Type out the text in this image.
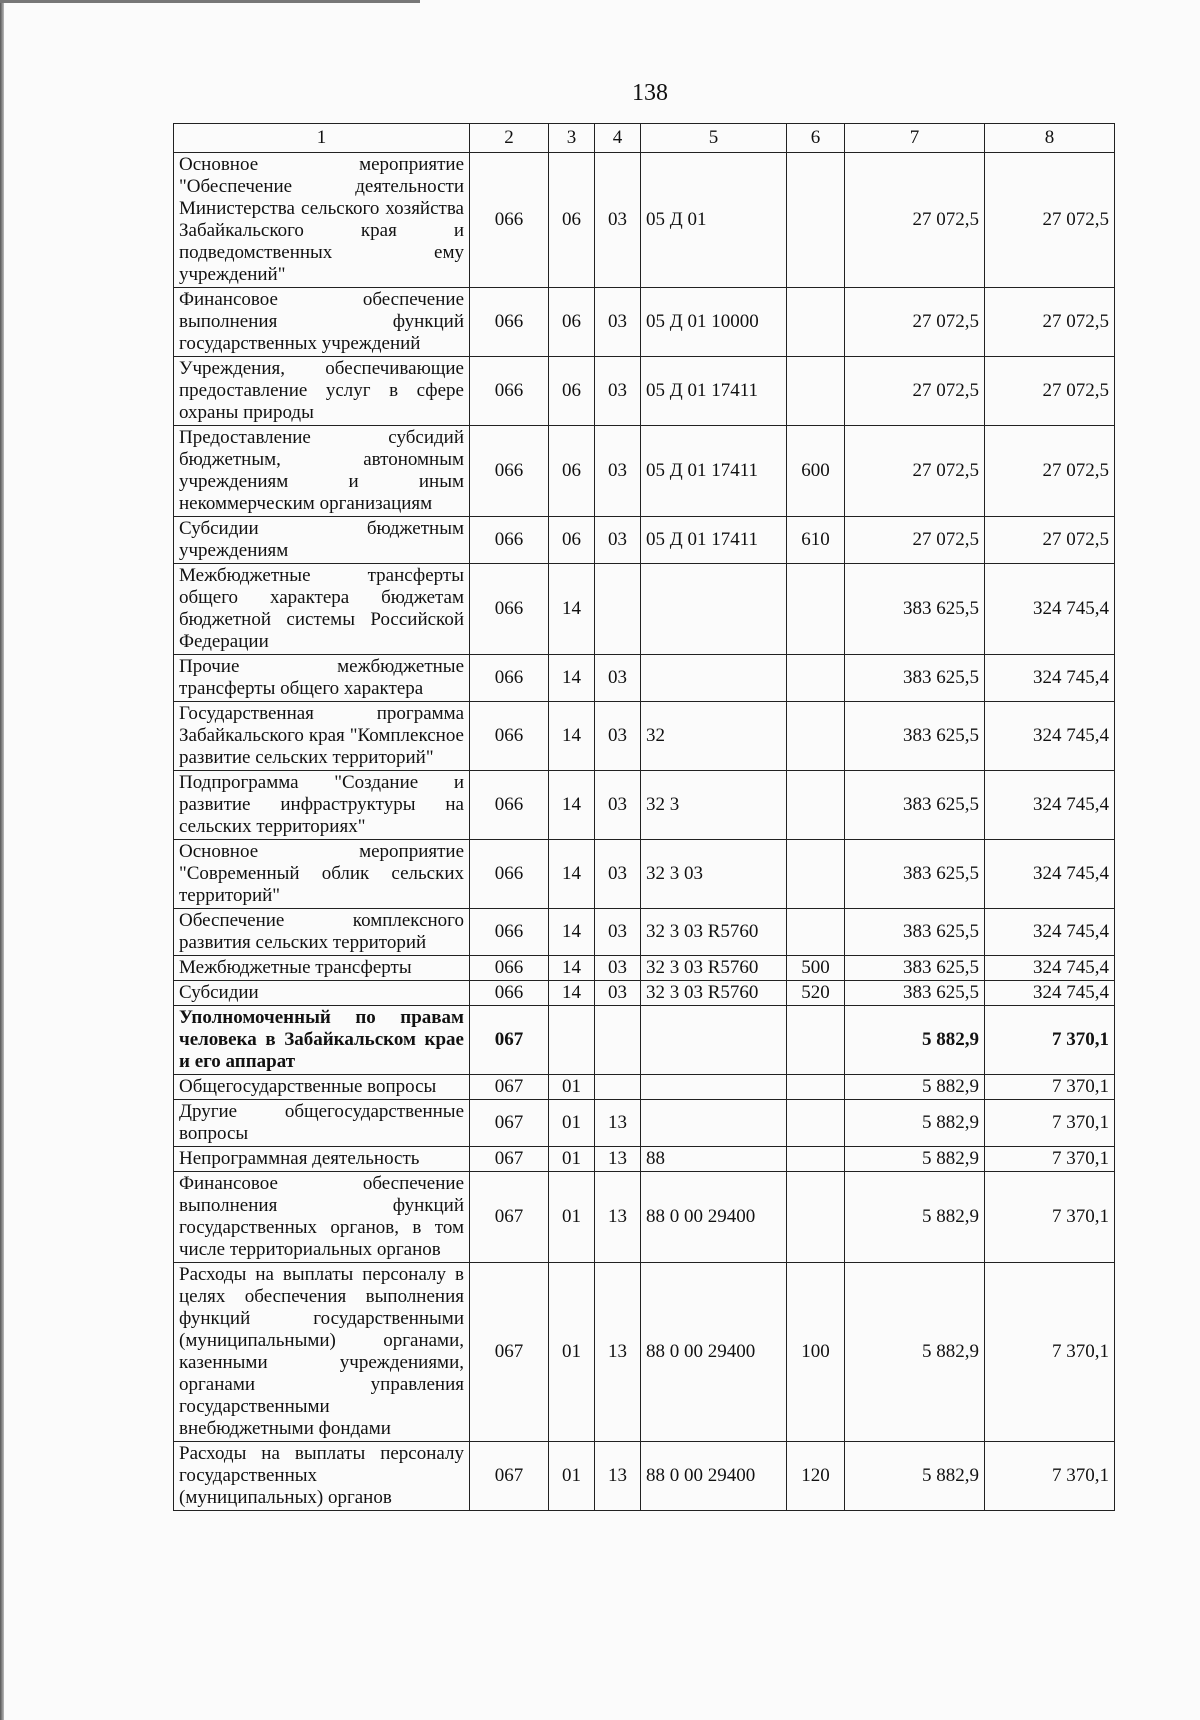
138
1	2	3	4	5	6	7	8
Основное мероприятие "Обеспечение деятельности Министерства сельского хозяйства Забайкальского края и подведомственных ему учреждений"	066	06	03	05 Д 01		27 072,5	27 072,5
Финансовое обеспечение выполнения функций государственных учреждений	066	06	03	05 Д 01 10000		27 072,5	27 072,5
Учреждения, обеспечивающие предоставление услуг в сфере охраны природы	066	06	03	05 Д 01 17411		27 072,5	27 072,5
Предоставление субсидий бюджетным, автономным учреждениям и иным некоммерческим организациям	066	06	03	05 Д 01 17411	600	27 072,5	27 072,5
Субсидии бюджетным учреждениям	066	06	03	05 Д 01 17411	610	27 072,5	27 072,5
Межбюджетные трансферты общего характера бюджетам бюджетной системы Российской Федерации	066	14				383 625,5	324 745,4
Прочие межбюджетные трансферты общего характера	066	14	03			383 625,5	324 745,4
Государственная программа Забайкальского края "Комплексное развитие сельских территорий"	066	14	03	32		383 625,5	324 745,4
Подпрограмма "Создание и развитие инфраструктуры на сельских территориях"	066	14	03	32 3		383 625,5	324 745,4
Основное мероприятие "Современный облик сельских территорий"	066	14	03	32 3 03		383 625,5	324 745,4
Обеспечение комплексного развития сельских территорий	066	14	03	32 3 03 R5760		383 625,5	324 745,4
Межбюджетные трансферты	066	14	03	32 3 03 R5760	500	383 625,5	324 745,4
Субсидии	066	14	03	32 3 03 R5760	520	383 625,5	324 745,4
Уполномоченный по правам человека в Забайкальском крае и его аппарат	067					5 882,9	7 370,1
Общегосударственные вопросы	067	01				5 882,9	7 370,1
Другие общегосударственные вопросы	067	01	13			5 882,9	7 370,1
Непрограммная деятельность	067	01	13	88		5 882,9	7 370,1
Финансовое обеспечение выполнения функций государственных органов, в том числе территориальных органов	067	01	13	88 0 00 29400		5 882,9	7 370,1
Расходы на выплаты персоналу в целях обеспечения выполнения функций государственными (муниципальными) органами, казенными учреждениями, органами управления государственными внебюджетными фондами	067	01	13	88 0 00 29400	100	5 882,9	7 370,1
Расходы на выплаты персоналу государственных (муниципальных) органов	067	01	13	88 0 00 29400	120	5 882,9	7 370,1
